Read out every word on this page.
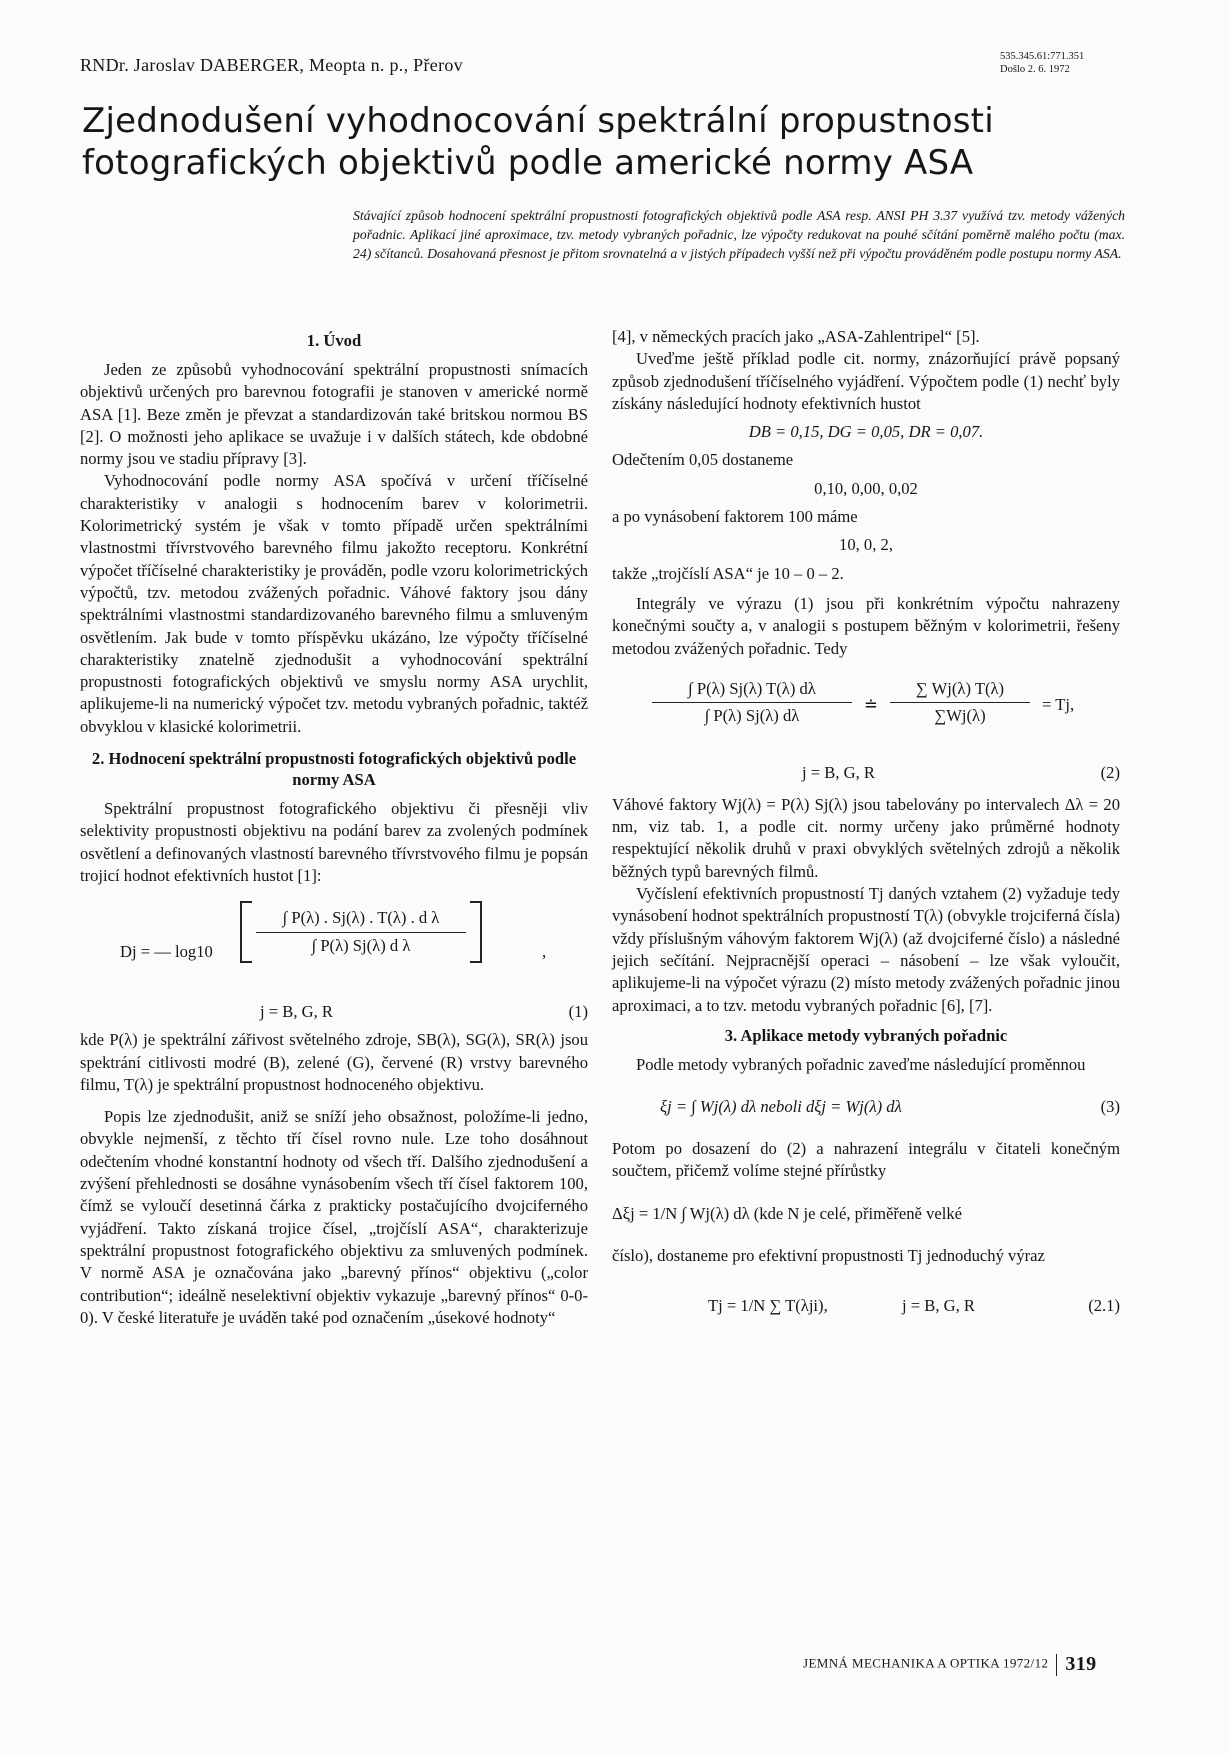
RNDr. Jaroslav DABERGER, Meopta n. p., Přerov	535.345.61:771.351
Došlo 2. 6. 1972
Zjednodušení vyhodnocování spektrální propustnosti fotografických objektivů podle americké normy ASA
Stávající způsob hodnocení spektrální propustnosti fotografických objektivů podle ASA resp. ANSI PH 3.37 využívá tzv. metody vážených pořadnic. Aplikací jiné aproximace, tzv. metody vybraných pořadnic, lze výpočty redukovat na pouhé sčítání poměrně malého počtu (max. 24) sčítanců. Dosahovaná přesnost je přitom srovnatelná a v jistých případech vyšší než při výpočtu prováděném podle postupu normy ASA.
1. Úvod

Jeden ze způsobů vyhodnocování spektrální propustnosti snímacích objektivů určených pro barevnou fotografii je stanoven v americké normě ASA [1]. Beze změn je převzat a standardizován také britskou normou BS [2]. O možnosti jeho aplikace se uvažuje i v dalších státech, kde obdobné normy jsou ve stadiu přípravy [3].

Vyhodnocování podle normy ASA spočívá v určení tříčíselné charakteristiky v analogii s hodnocením barev v kolorimetrii. Kolorimetrický systém je však v tomto případě určen spektrálními vlastnostmi třívrstvového barevného filmu jakožto receptoru. Konkrétní výpočet tříčíselné charakteristiky je prováděn, podle vzoru kolorimetrických výpočtů, tzv. metodou zvážených pořadnic. Váhové faktory jsou dány spektrálními vlastnostmi standardizovaného barevného filmu a smluveným osvětlením. Jak bude v tomto příspěvku ukázáno, lze výpočty tříčíselné charakteristiky znatelně zjednodušit a vyhodnocování spektrální propustnosti fotografických objektivů ve smyslu normy ASA urychlit, aplikujeme-li na numerický výpočet tzv. metodu vybraných pořadnic, taktéž obvyklou v klasické kolorimetrii.

2. Hodnocení spektrální propustnosti fotografických objektivů podle normy ASA

Spektrální propustnost fotografického objektivu či přesněji vliv selektivity propustnosti objektivu na podání barev za zvolených podmínek osvětlení a definovaných vlastností barevného třívrstvového filmu je popsán trojicí hodnot efektivních hustot [1]:

Dj = — log10	$\frac{\text{∫ P(λ) . Sj(λ) . T(λ) . d λ}}{\text{∫ P(λ) Sj(λ) d λ}}$	,
j = B, G, R	(1)

kde P(λ) je spektrální zářivost světelného zdroje, SB(λ), SG(λ), SR(λ) jsou spektrání citlivosti modré (B), zelené (G), červené (R) vrstvy barevného filmu, T(λ) je spektrální propustnost hodnoceného objektivu.

Popis lze zjednodušit, aniž se sníží jeho obsažnost, položíme-li jedno, obvykle nejmenší, z těchto tří čísel rovno nule. Lze toho dosáhnout odečtením vhodné konstantní hodnoty od všech tří. Dalšího zjednodušení a zvýšení přehlednosti se dosáhne vynásobením všech tří čísel faktorem 100, čímž se vyloučí desetinná čárka z prakticky postačujícího dvojciferného vyjádření. Takto získaná trojice čísel, „trojčíslí ASA“, charakterizuje spektrální propustnost fotografického objektivu za smluvených podmínek. V normě ASA je označována jako „barevný přínos“ objektivu („color contribution“; ideálně neselektivní objektiv vykazuje „barevný přínos“ 0-0-0). V české literatuře je uváděn také pod označením „úsekové hodnoty“

[4], v německých pracích jako „ASA-Zahlentripel“ [5].

Uveďme ještě příklad podle cit. normy, znázorňující právě popsaný způsob zjednodušení tříčíselného vyjádření. Výpočtem podle (1) nechť byly získány následující hodnoty efektivních hustot

DB = 0,15, DG = 0,05, DR = 0,07.

Odečtením 0,05 dostaneme

0,10, 0,00, 0,02

a po vynásobení faktorem 100 máme

10, 0, 2,

takže „trojčíslí ASA“ je 10 – 0 – 2.

Integrály ve výrazu (1) jsou při konkrétním výpočtu nahrazeny konečnými součty a, v analogii s postupem běžným v kolorimetrii, řešeny metodou zvážených pořadnic. Tedy

$\frac{\int P(\lambda) Sj(\lambda) T(\lambda) d\lambda}{\int P(\lambda) Sj(\lambda) d\lambda}$ ≐ $\frac{\sum Wj(\lambda) T(\lambda)}{\sum Wj(\lambda)} = Tj$,
j = B, G, R	(2)

Váhové faktory Wj(λ) = P(λ) Sj(λ) jsou tabelovány po intervalech Δλ = 20 nm, viz tab. 1, a podle cit. normy určeny jako průměrné hodnoty respektující několik druhů v praxi obvyklých světelných zdrojů a několik běžných typů barevných filmů.

Vyčíslení efektivních propustností Tj daných vztahem (2) vyžaduje tedy vynásobení hodnot spektrálních propustností T(λ) (obvykle trojciferná čísla) vždy příslušným váhovým faktorem Wj(λ) (až dvojciferné číslo) a následné jejich sečítání. Nejpracnější operaci – násobení – lze však vyloučit, aplikujeme-li na výpočet výrazu (2) místo metody zvážených pořadnic jinou aproximaci, a to tzv. metodu vybraných pořadnic [6], [7].

3. Aplikace metody vybraných pořadnic

Podle metody vybraných pořadnic zaveďme následující proměnnou

ξj = ∫ Wj(λ) dλ neboli dξj = Wj(λ) dλ	(3)

Potom po dosazení do (2) a nahrazení integrálu v čitateli konečným součtem, přičemž volíme stejné přírůstky

Δξj = 1/N ∫ Wj(λ) dλ (kde N je celé, přiměřeně velké

číslo), dostaneme pro efektivní propustnosti Tj jednoduchý výraz

Tj = 1/N ∑ T(λji),	j = B, G, R	(2.1)
JEMNÁ MECHANIKA A OPTIKA 1972/12 319
